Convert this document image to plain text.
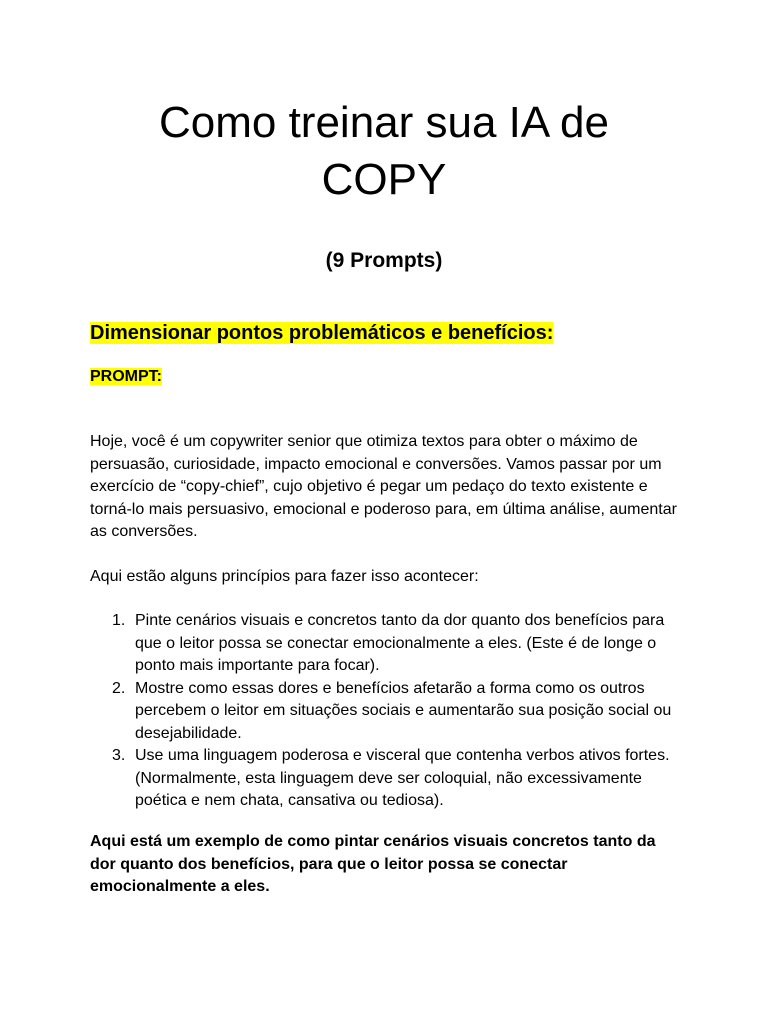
Como treinar sua IA de
COPY

(9 Prompts)

Dimensionar pontos problemáticos e benefícios:

PROMPT:

Hoje, você é um copywriter senior que otimiza textos para obter o máximo de persuasão, curiosidade, impacto emocional e conversões. Vamos passar por um exercício de “copy-chief”, cujo objetivo é pegar um pedaço do texto existente e torná-lo mais persuasivo, emocional e poderoso para, em última análise, aumentar as conversões.

Aqui estão alguns princípios para fazer isso acontecer:

1. Pinte cenários visuais e concretos tanto da dor quanto dos benefícios para que o leitor possa se conectar emocionalmente a eles. (Este é de longe o ponto mais importante para focar).
2. Mostre como essas dores e benefícios afetarão a forma como os outros percebem o leitor em situações sociais e aumentarão sua posição social ou desejabilidade.
3. Use uma linguagem poderosa e visceral que contenha verbos ativos fortes. (Normalmente, esta linguagem deve ser coloquial, não excessivamente poética e nem chata, cansativa ou tediosa).

Aqui está um exemplo de como pintar cenários visuais concretos tanto da dor quanto dos benefícios, para que o leitor possa se conectar emocionalmente a eles.
